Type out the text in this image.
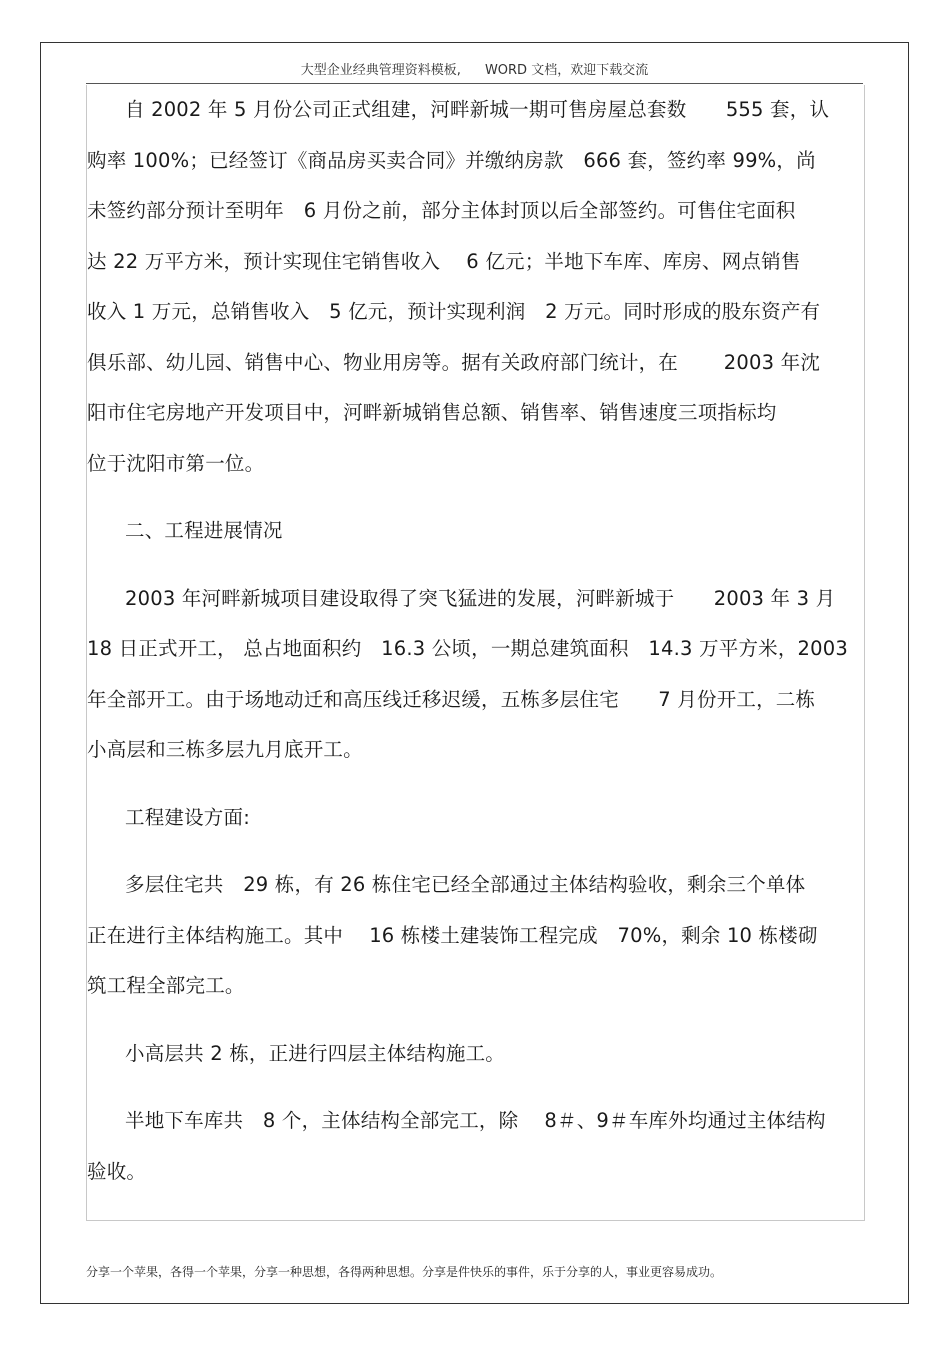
大型企业经典管理资料模板, WORD 文档，欢迎下载交流
自 2002 年 5 月份公司正式组建，河畔新城一期可售房屋总套数　　555 套，认
购率 100%；已经签订《商品房买卖合同》并缴纳房款　666 套，签约率 99%，尚
未签约部分预计至明年　6 月份之前，部分主体封顶以后全部签约。可售住宅面积
达 22 万平方米，预计实现住宅销售收入　 6 亿元；半地下车库、库房、网点销售
收入 1 万元，总销售收入　5 亿元，预计实现利润　2 万元。同时形成的股东资产有
俱乐部、幼儿园、销售中心、物业用房等。据有关政府部门统计，在　　 2003 年沈
阳市住宅房地产开发项目中，河畔新城销售总额、销售率、销售速度三项指标均
位于沈阳市第一位。
二、工程进展情况
2003 年河畔新城项目建设取得了突飞猛进的发展，河畔新城于　　2003 年 3 月
18 日正式开工， 总占地面积约　16.3 公顷，一期总建筑面积　14.3 万平方米，2003
年全部开工。由于场地动迁和高压线迁移迟缓，五栋多层住宅　　7 月份开工，二栋
小高层和三栋多层九月底开工。
工程建设方面:
多层住宅共　29 栋，有 26 栋住宅已经全部通过主体结构验收，剩余三个单体
正在进行主体结构施工。其中　 16 栋楼土建装饰工程完成　70%，剩余 10 栋楼砌
筑工程全部完工。
小高层共 2 栋，正进行四层主体结构施工。
半地下车库共　8 个，主体结构全部完工，除　 8＃、9＃车库外均通过主体结构
验收。
分享一个苹果，各得一个苹果，分享一种思想，各得两种思想。分享是件快乐的事件，乐于分享的人，事业更容易成功。
